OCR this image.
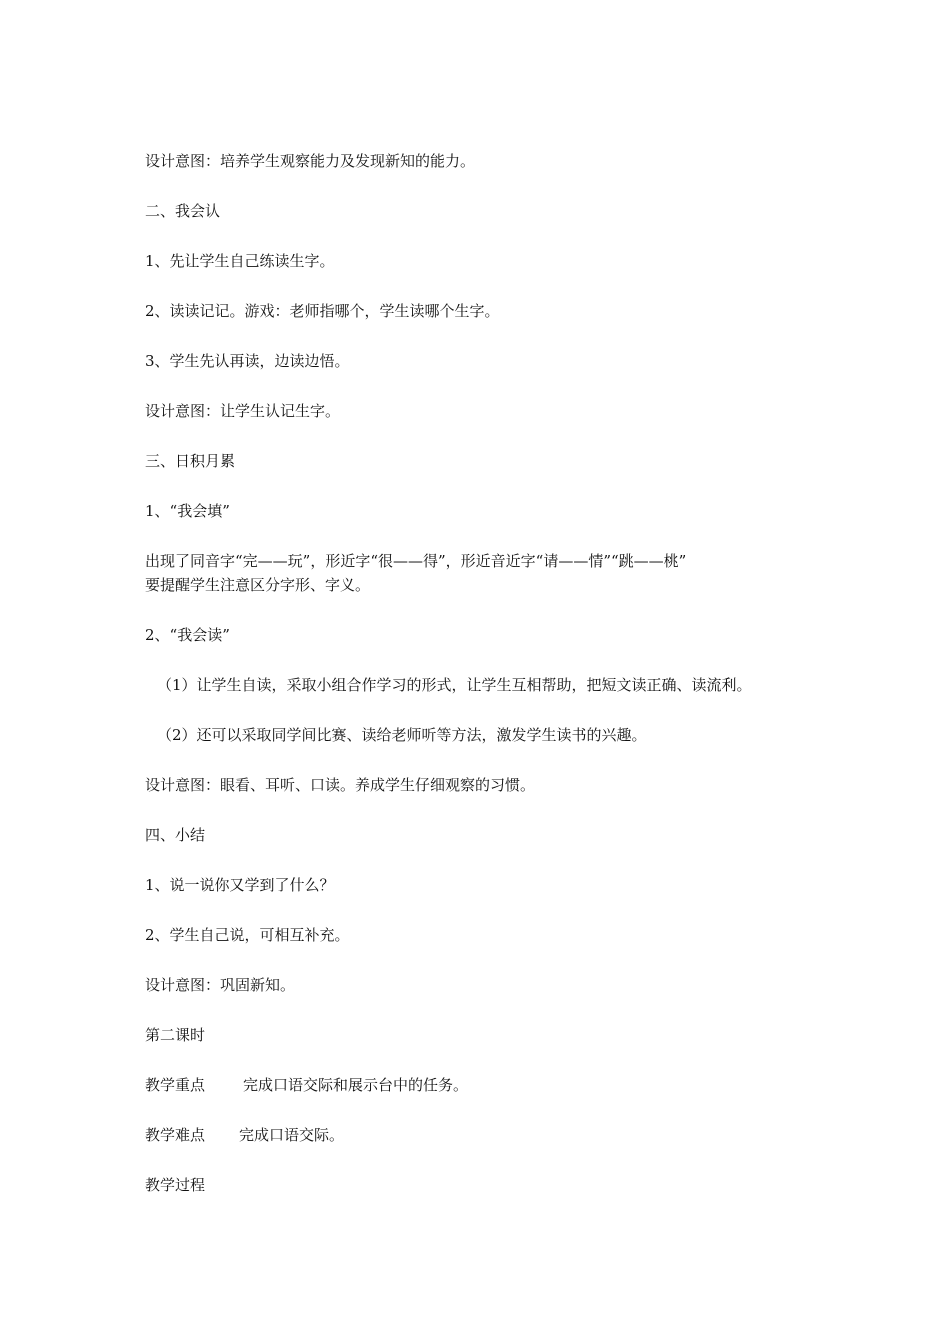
设计意图：培养学生观察能力及发现新知的能力。
二、我会认
1、先让学生自己练读生字。
2、读读记记。游戏：老师指哪个，学生读哪个生字。
3、学生先认再读，边读边悟。
设计意图：让学生认记生字。
三、日积月累
1、“我会填”
出现了同音字“完——玩”，形近字“很——得”，形近音近字“请——情”“跳——桃”
要提醒学生注意区分字形、字义。
2、“我会读”
（1）让学生自读，采取小组合作学习的形式，让学生互相帮助，把短文读正确、读流利。
（2）还可以采取同学间比赛、读给老师听等方法，激发学生读书的兴趣。
设计意图：眼看、耳听、口读。养成学生仔细观察的习惯。
四、小结
1、说一说你又学到了什么？
2、学生自己说，可相互补充。
设计意图：巩固新知。
第二课时
教学重点	完成口语交际和展示台中的任务。
教学难点 完成口语交际。
教学过程
